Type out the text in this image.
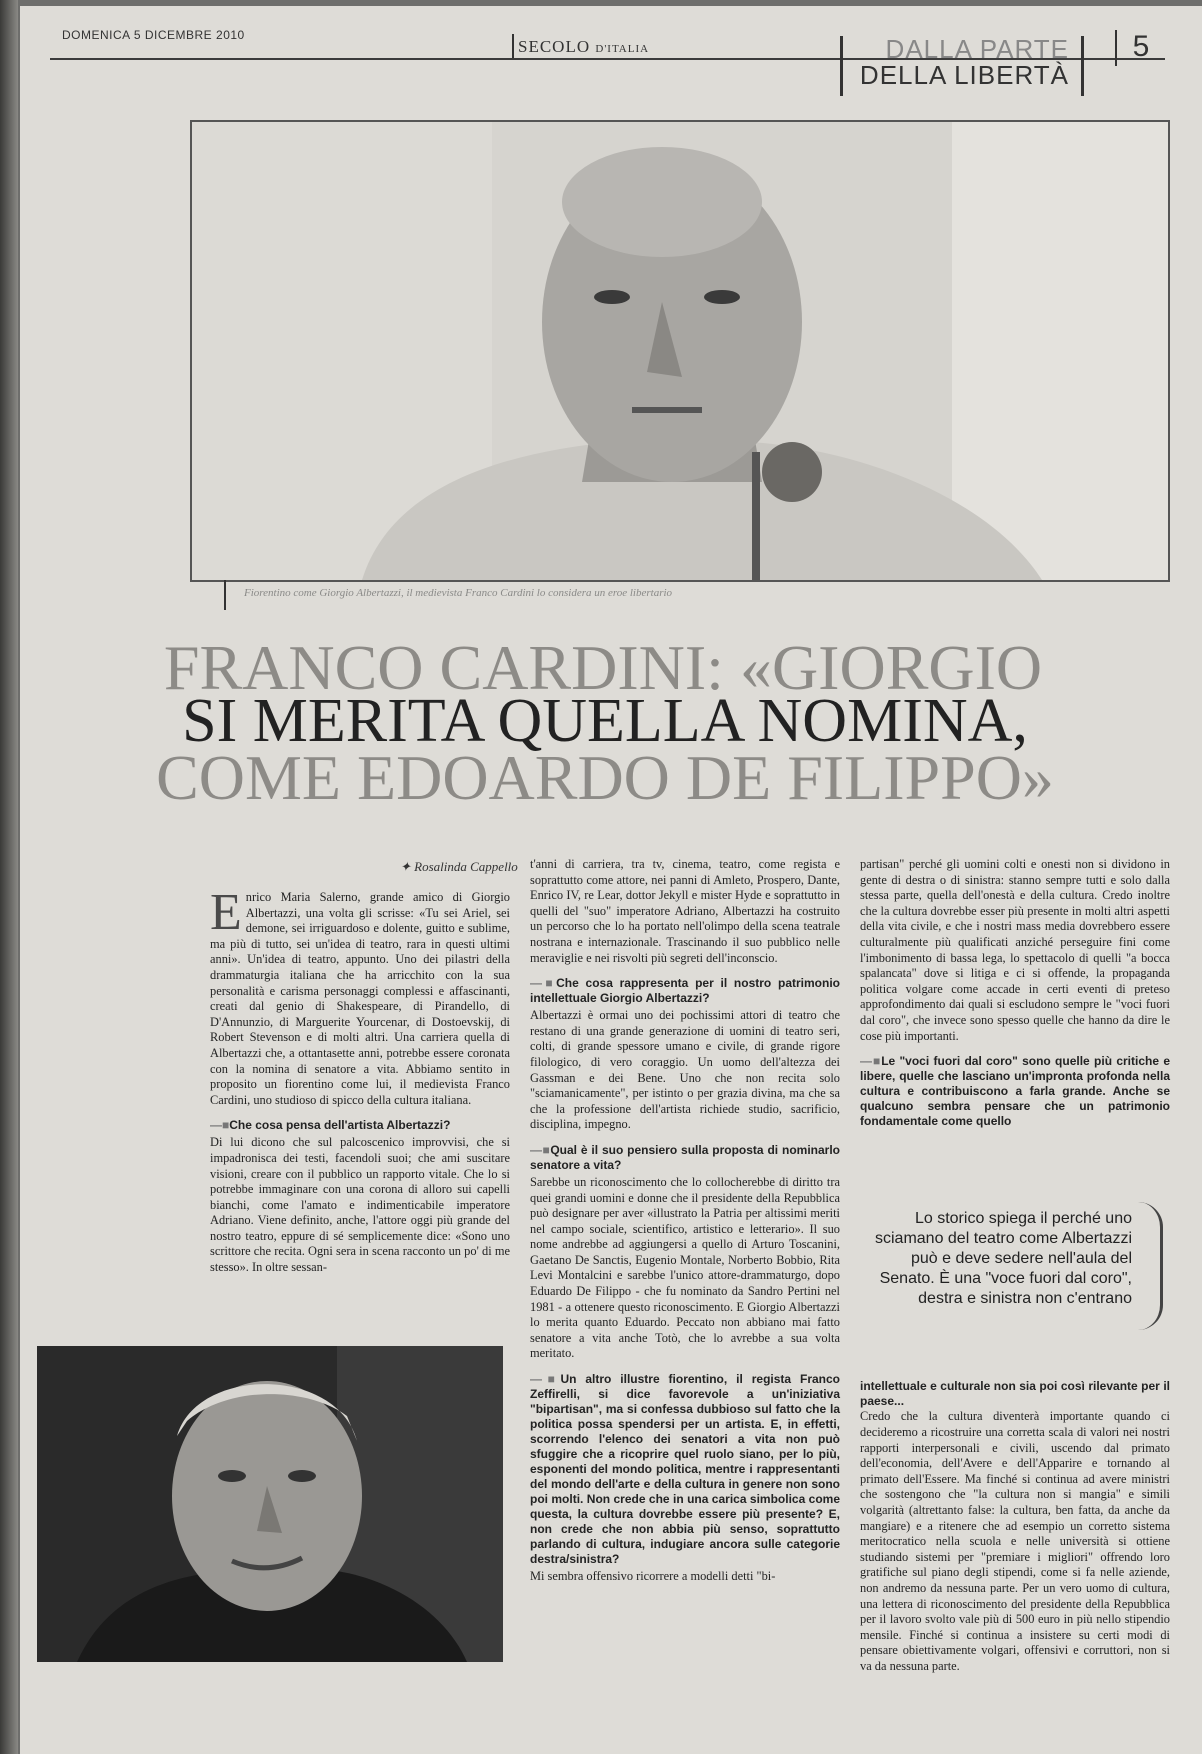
DOMENICA 5 DICEMBRE 2010
SECOLO D'ITALIA	DALLA PARTE
DELLA LIBERTÀ
5
Fiorentino come Giorgio Albertazzi, il medievista Franco Cardini lo considera un eroe libertario
FRANCO CARDINI: «GIORGIO
SI MERITA QUELLA NOMINA,
COME EDOARDO DE FILIPPO»
✦ Rosalinda Cappello

Enrico Maria Salerno, grande amico di Giorgio Albertazzi, una volta gli scrisse: «Tu sei Ariel, sei demone, sei irriguardoso e dolente, guitto e sublime, ma più di tutto, sei un'idea di teatro, rara in questi ultimi anni». Un'idea di teatro, appunto. Uno dei pilastri della drammaturgia italiana che ha arricchito con la sua personalità e carisma personaggi complessi e affascinanti, creati dal genio di Shakespeare, di Pirandello, di D'Annunzio, di Marguerite Yourcenar, di Dostoevskij, di Robert Stevenson e di molti altri. Una carriera quella di Albertazzi che, a ottantasette anni, potrebbe essere coronata con la nomina di senatore a vita. Abbiamo sentito in proposito un fiorentino come lui, il medievista Franco Cardini, uno studioso di spicco della cultura italiana.

—■ Che cosa pensa dell'artista Albertazzi?

Di lui dicono che sul palcoscenico improvvisi, che si impadronisca dei testi, facendoli suoi; che ami suscitare visioni, creare con il pubblico un rapporto vitale. Che lo si potrebbe immaginare con una corona di alloro sui capelli bianchi, come l'amato e indimenticabile imperatore Adriano. Viene definito, anche, l'attore oggi più grande del nostro teatro, eppure di sé semplicemente dice: «Sono uno scrittore che recita. Ogni sera in scena racconto un po' di me stesso». In oltre sessan-

t'anni di carriera, tra tv, cinema, teatro, come regista e soprattutto come attore, nei panni di Amleto, Prospero, Dante, Enrico IV, re Lear, dottor Jekyll e mister Hyde e soprattutto in quelli del "suo" imperatore Adriano, Albertazzi ha costruito un percorso che lo ha portato nell'olimpo della scena teatrale nostrana e internazionale. Trascinando il suo pubblico nelle meraviglie e nei risvolti più segreti dell'inconscio.

—■ Che cosa rappresenta per il nostro patrimonio intellettuale Giorgio Albertazzi?

Albertazzi è ormai uno dei pochissimi attori di teatro che restano di una grande generazione di uomini di teatro seri, colti, di grande spessore umano e civile, di grande rigore filologico, di vero coraggio. Un uomo dell'altezza dei Gassman e dei Bene. Uno che non recita solo "sciamanicamente", per istinto o per grazia divina, ma che sa che la professione dell'artista richiede studio, sacrificio, disciplina, impegno.

—■ Qual è il suo pensiero sulla proposta di nominarlo senatore a vita?

Sarebbe un riconoscimento che lo collocherebbe di diritto tra quei grandi uomini e donne che il presidente della Repubblica può designare per aver «illustrato la Patria per altissimi meriti nel campo sociale, scientifico, artistico e letterario». Il suo nome andrebbe ad aggiungersi a quello di Arturo Toscanini, Gaetano De Sanctis, Eugenio Montale, Norberto Bobbio, Rita Levi Montalcini e sarebbe l'unico attore-drammaturgo, dopo Eduardo De Filippo - che fu nominato da Sandro Pertini nel 1981 - a ottenere questo riconoscimento. E Giorgio Albertazzi lo merita quanto Eduardo. Peccato non abbiano mai fatto senatore a vita anche Totò, che lo avrebbe a sua volta meritato.

—■ Un altro illustre fiorentino, il regista Franco Zeffirelli, si dice favorevole a un'iniziativa "bipartisan", ma si confessa dubbioso sul fatto che la politica possa spendersi per un artista. E, in effetti, scorrendo l'elenco dei senatori a vita non può sfuggire che a ricoprire quel ruolo siano, per lo più, esponenti del mondo politica, mentre i rappresentanti del mondo dell'arte e della cultura in genere non sono poi molti. Non crede che in una carica simbolica come questa, la cultura dovrebbe essere più presente? E, non crede che non abbia più senso, soprattutto parlando di cultura, indugiare ancora sulle categorie destra/sinistra?

Mi sembra offensivo ricorrere a modelli detti "bi-

partisan" perché gli uomini colti e onesti non si dividono in gente di destra o di sinistra: stanno sempre tutti e solo dalla stessa parte, quella dell'onestà e della cultura. Credo inoltre che la cultura dovrebbe esser più presente in molti altri aspetti della vita civile, e che i nostri mass media dovrebbero essere culturalmente più qualificati anziché perseguire fini come l'imbonimento di bassa lega, lo spettacolo di quelli "a bocca spalancata" dove si litiga e ci si offende, la propaganda politica volgare come accade in certi eventi di preteso approfondimento dai quali si escludono sempre le "voci fuori dal coro", che invece sono spesso quelle che hanno da dire le cose più importanti.

—■ Le "voci fuori dal coro" sono quelle più critiche e libere, quelle che lasciano un'impronta profonda nella cultura e contribuiscono a farla grande. Anche se qualcuno sembra pensare che un patrimonio fondamentale come quello

Lo storico spiega il perché uno sciamano del teatro come Albertazzi può e deve sedere nell'aula del Senato. È una "voce fuori dal coro", destra e sinistra non c'entrano

intellettuale e culturale non sia poi così rilevante per il paese...

Credo che la cultura diventerà importante quando ci decideremo a ricostruire una corretta scala di valori nei nostri rapporti interpersonali e civili, uscendo dal primato dell'economia, dell'Avere e dell'Apparire e tornando al primato dell'Essere. Ma finché si continua ad avere ministri che sostengono che "la cultura non si mangia" e simili volgarità (altrettanto false: la cultura, ben fatta, da anche da mangiare) e a ritenere che ad esempio un corretto sistema meritocratico nella scuola e nelle università si ottiene studiando sistemi per "premiare i migliori" offrendo loro gratifiche sul piano degli stipendi, come si fa nelle aziende, non andremo da nessuna parte. Per un vero uomo di cultura, una lettera di riconoscimento del presidente della Repubblica per il lavoro svolto vale più di 500 euro in più nello stipendio mensile. Finché si continua a insistere su certi modi di pensare obiettivamente volgari, offensivi e corruttori, non si va da nessuna parte.
